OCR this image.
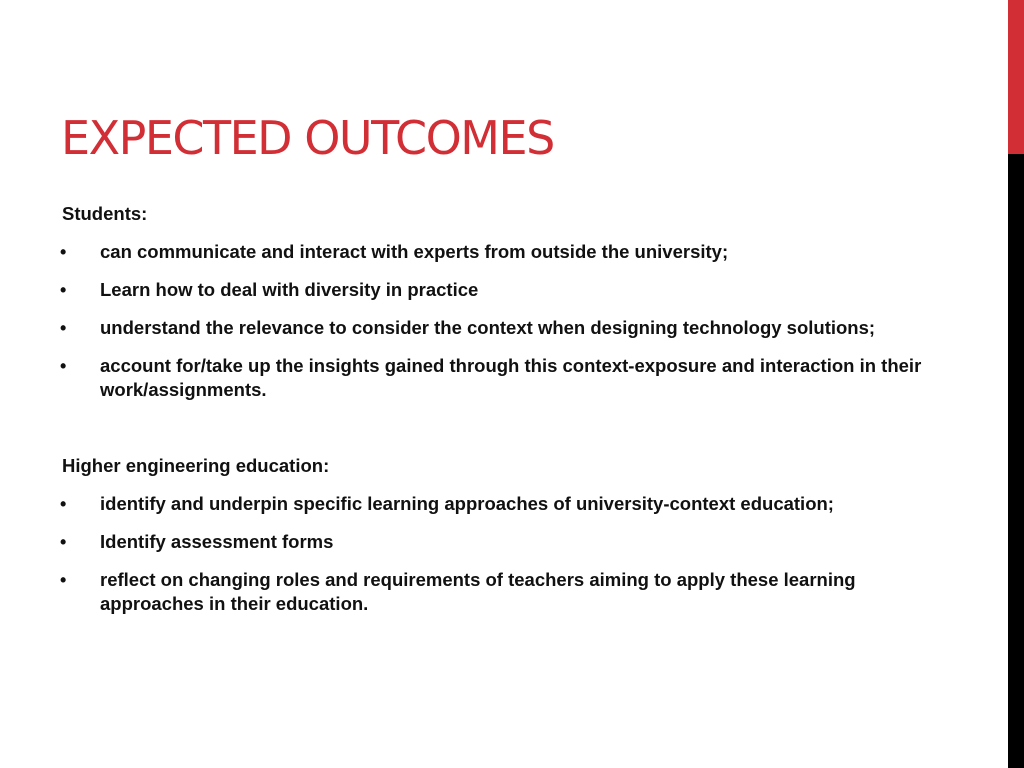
EXPECTED OUTCOMES

Students:

• can communicate and interact with experts from outside the university;
• Learn how to deal with diversity in practice
• understand the relevance to consider the context when designing technology solutions;
• account for/take up the insights gained through this context-exposure and interaction in their work/assignments.

Higher engineering education:

• identify and underpin specific learning approaches of university-context education;
• Identify assessment forms
• reflect on changing roles and requirements of teachers aiming to apply these learning approaches in their education.
